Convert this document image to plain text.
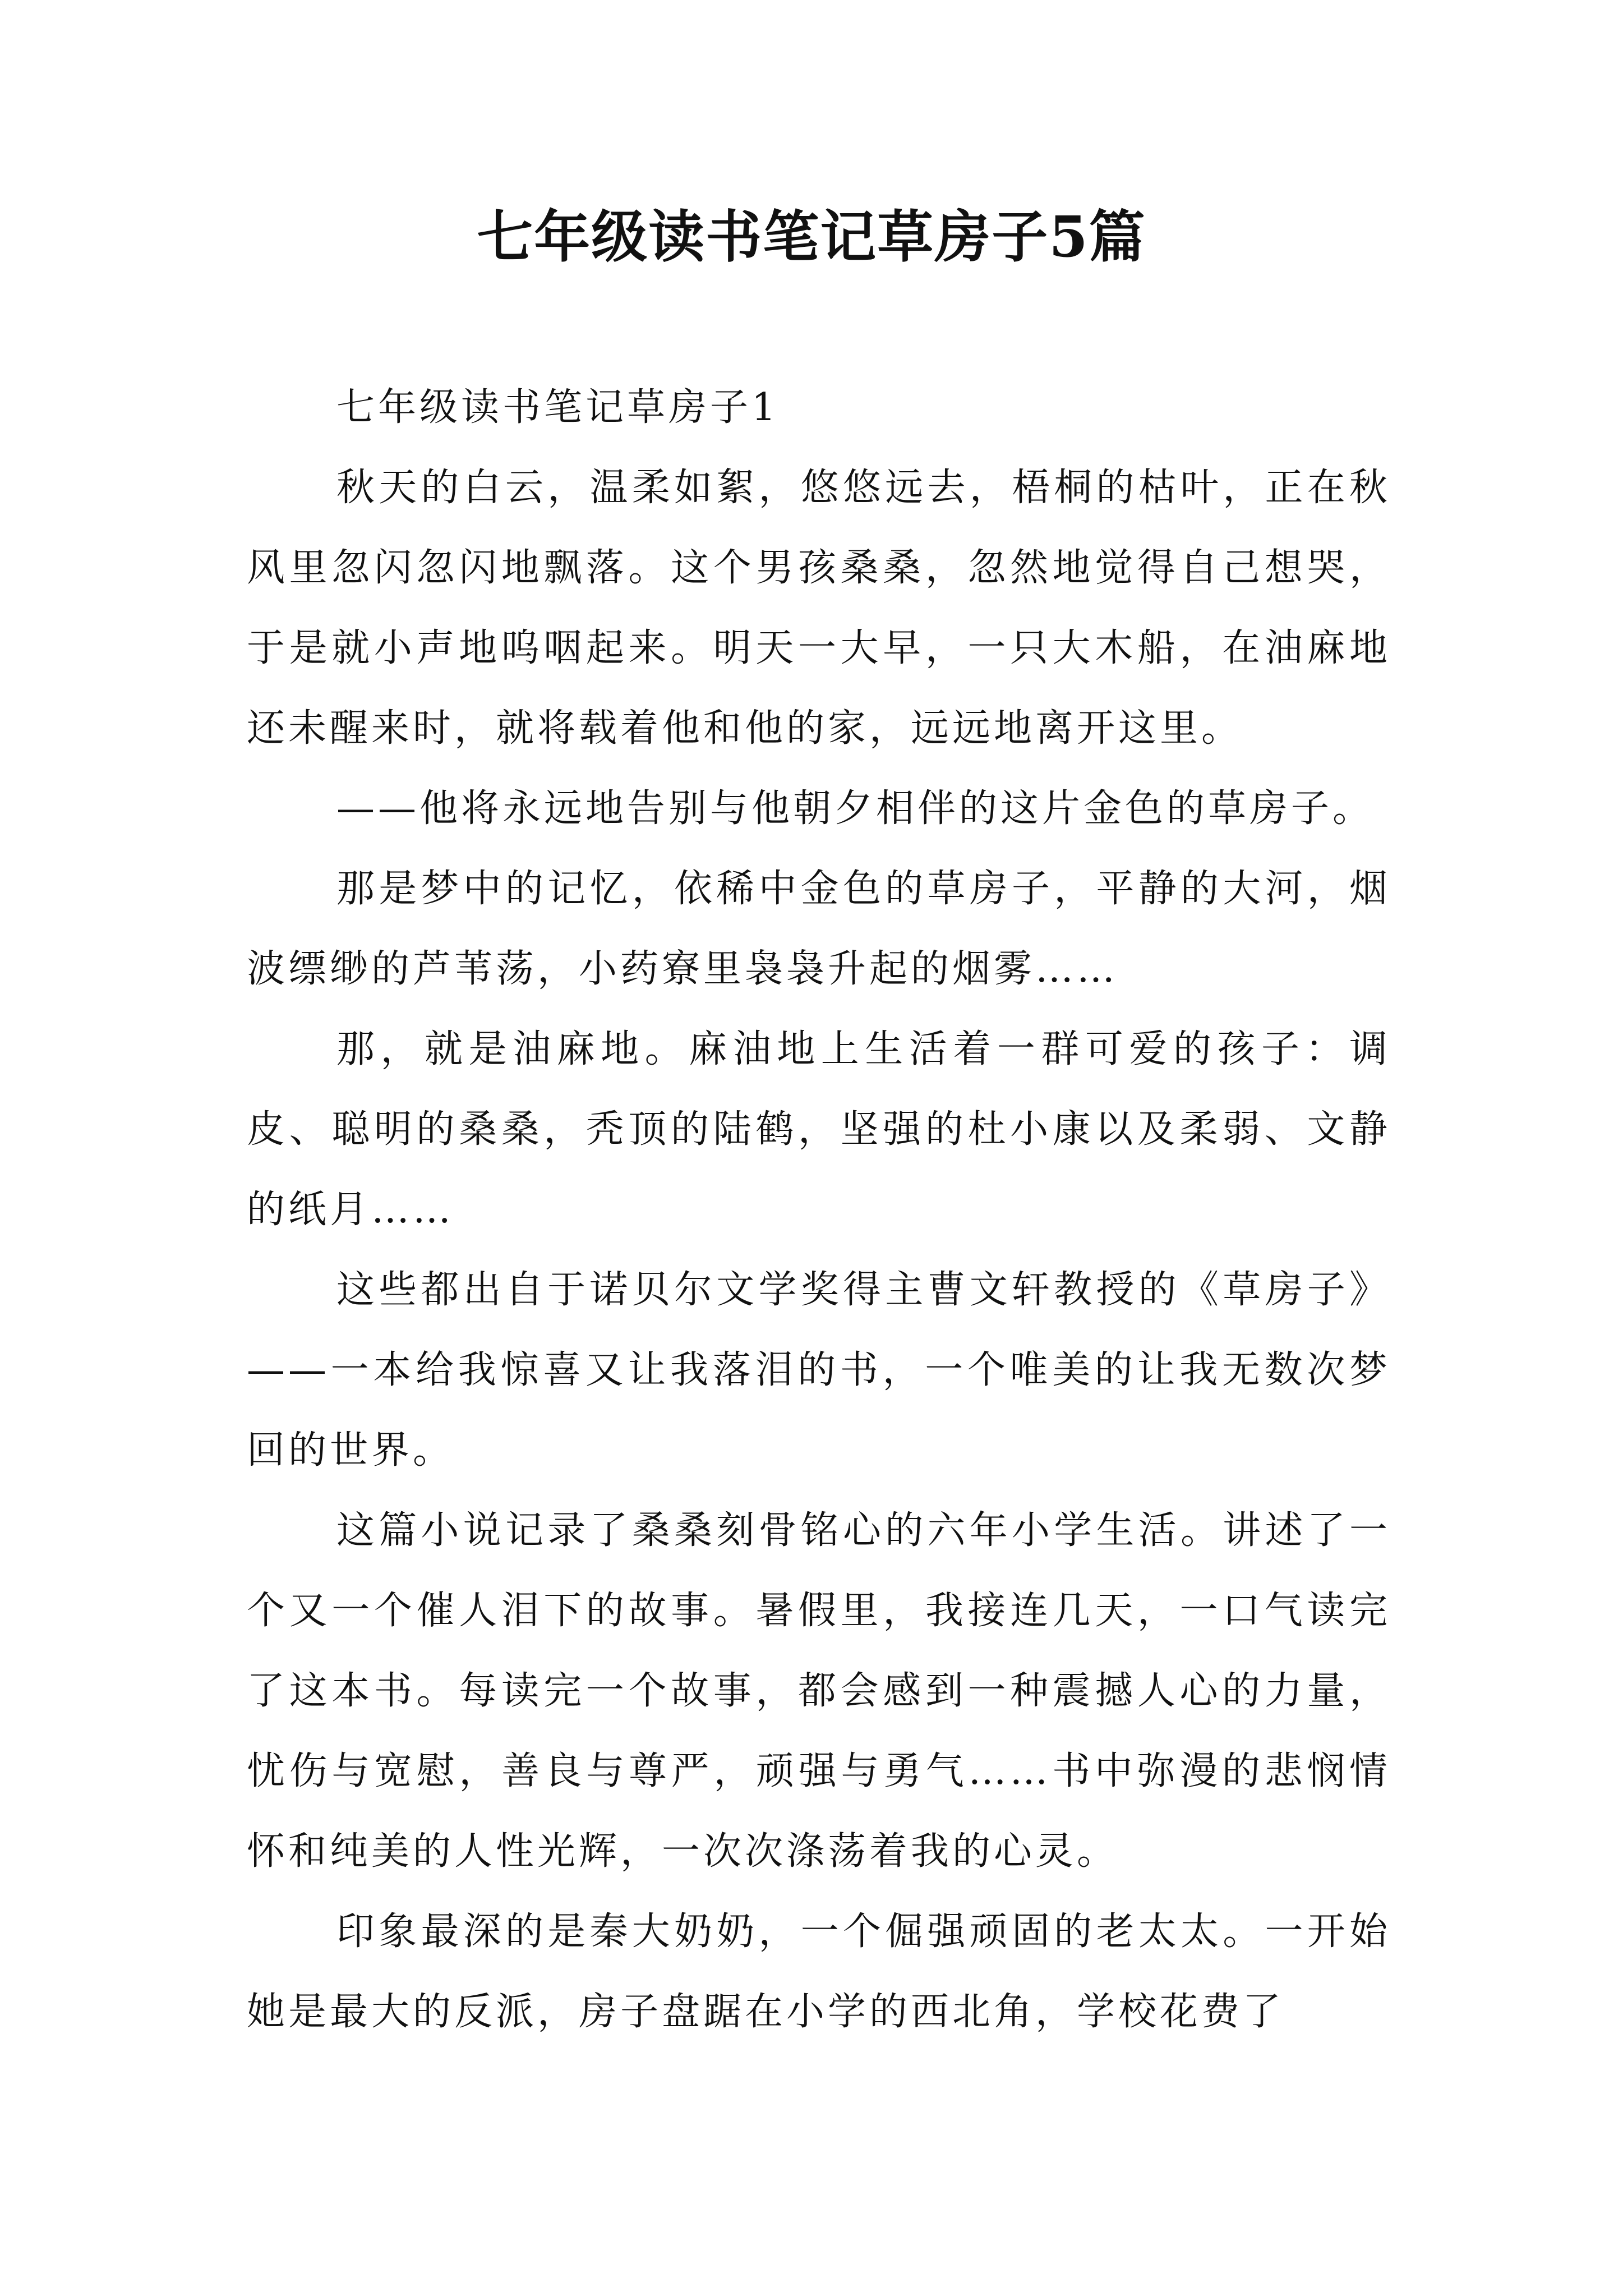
七年级读书笔记草房子5篇

七年级读书笔记草房子1

秋天的白云，温柔如絮，悠悠远去，梧桐的枯叶，正在秋风里忽闪忽闪地飘落。这个男孩桑桑，忽然地觉得自己想哭，于是就小声地呜咽起来。明天一大早，一只大木船，在油麻地还未醒来时，就将载着他和他的家，远远地离开这里。

——他将永远地告别与他朝夕相伴的这片金色的草房子。

那是梦中的记忆，依稀中金色的草房子，平静的大河，烟波缥缈的芦苇荡，小药寮里袅袅升起的烟雾……

那，就是油麻地。麻油地上生活着一群可爱的孩子：调皮、聪明的桑桑，秃顶的陆鹤，坚强的杜小康以及柔弱、文静的纸月……

这些都出自于诺贝尔文学奖得主曹文轩教授的《草房子》——一本给我惊喜又让我落泪的书，一个唯美的让我无数次梦回的世界。

这篇小说记录了桑桑刻骨铭心的六年小学生活。讲述了一个又一个催人泪下的故事。暑假里，我接连几天，一口气读完了这本书。每读完一个故事，都会感到一种震撼人心的力量，忧伤与宽慰，善良与尊严，顽强与勇气……书中弥漫的悲悯情怀和纯美的人性光辉，一次次涤荡着我的心灵。

印象最深的是秦大奶奶，一个倔强顽固的老太太。一开始她是最大的反派，房子盘踞在小学的西北角，学校花费了
